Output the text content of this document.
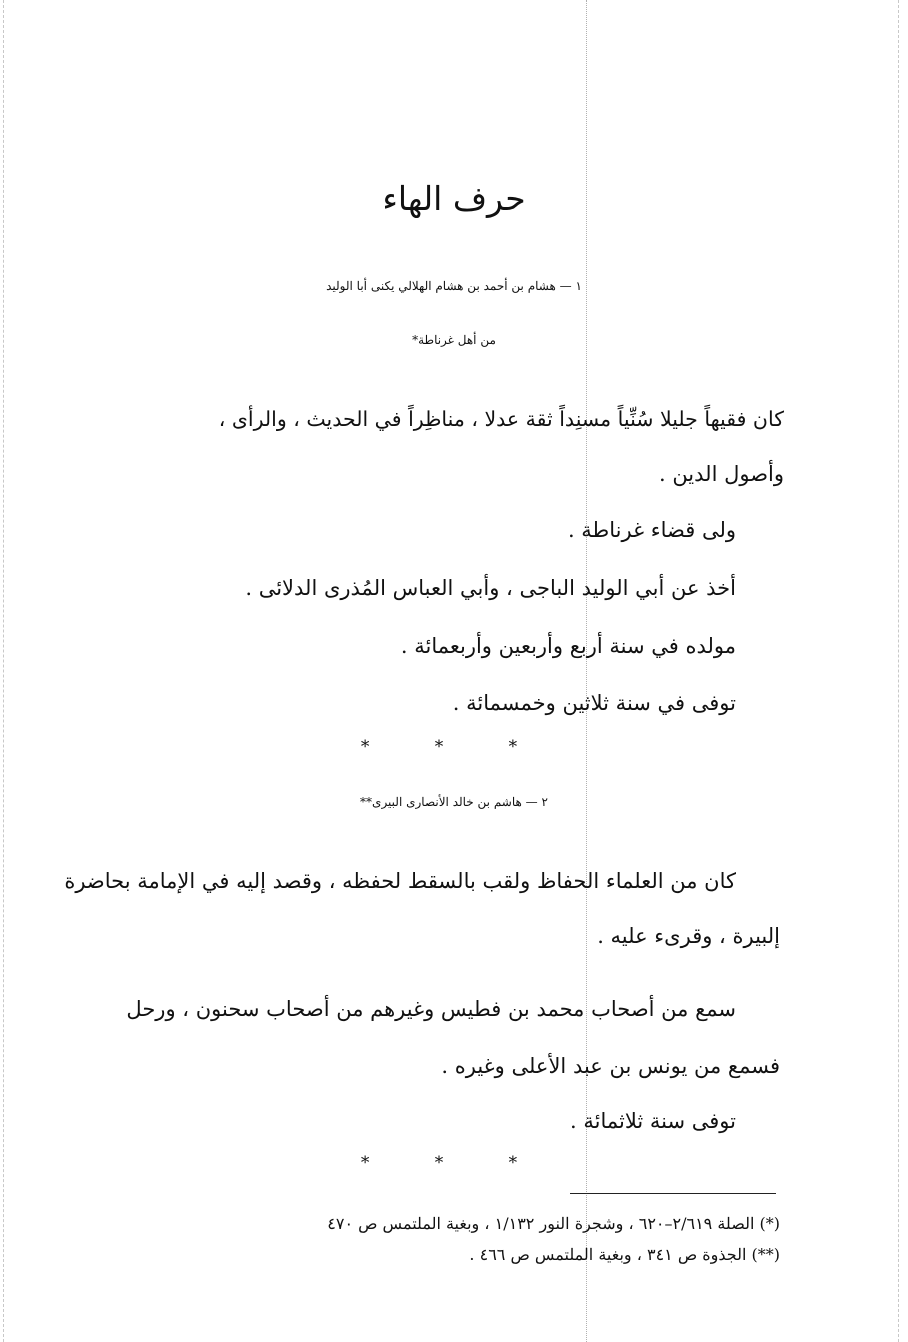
حرف الهاء
١ — هشام بن أحمد بن هشام الهلالي يكنى أبا الوليد
من أهل غرناطة*
كان فقيهاً جليلا سُنِّياً مسنِداً ثقة عدلا ، مناظِراً في الحديث ، والرأى ،
وأصول الدين .
ولى قضاء غرناطة .
أخذ عن أبي الوليد الباجى ، وأبي العباس المُذرى الدلائى .
مولده في سنة أربع وأربعين وأربعمائة .
توفى في سنة ثلاثين وخمسمائة .
* * *
٢ — هاشم بن خالد الأنصارى البيرى**
كان من العلماء الحفاظ ولقب بالسقط لحفظه ، وقصد إليه في الإمامة بحاضرة
إلبيرة ، وقرىء عليه .
سمع من أصحاب محمد بن فطيس وغيرهم من أصحاب سحنون ، ورحل
فسمع من يونس بن عبد الأعلى وغيره .
توفى سنة ثلاثمائة .
* * *
(*) الصلة ٢/٦١٩–٦٢٠ ، وشجرة النور ١/١٣٢ ، وبغية الملتمس ص ٤٧٠
(**) الجذوة ص ٣٤١ ، وبغية الملتمس ص ٤٦٦ .
